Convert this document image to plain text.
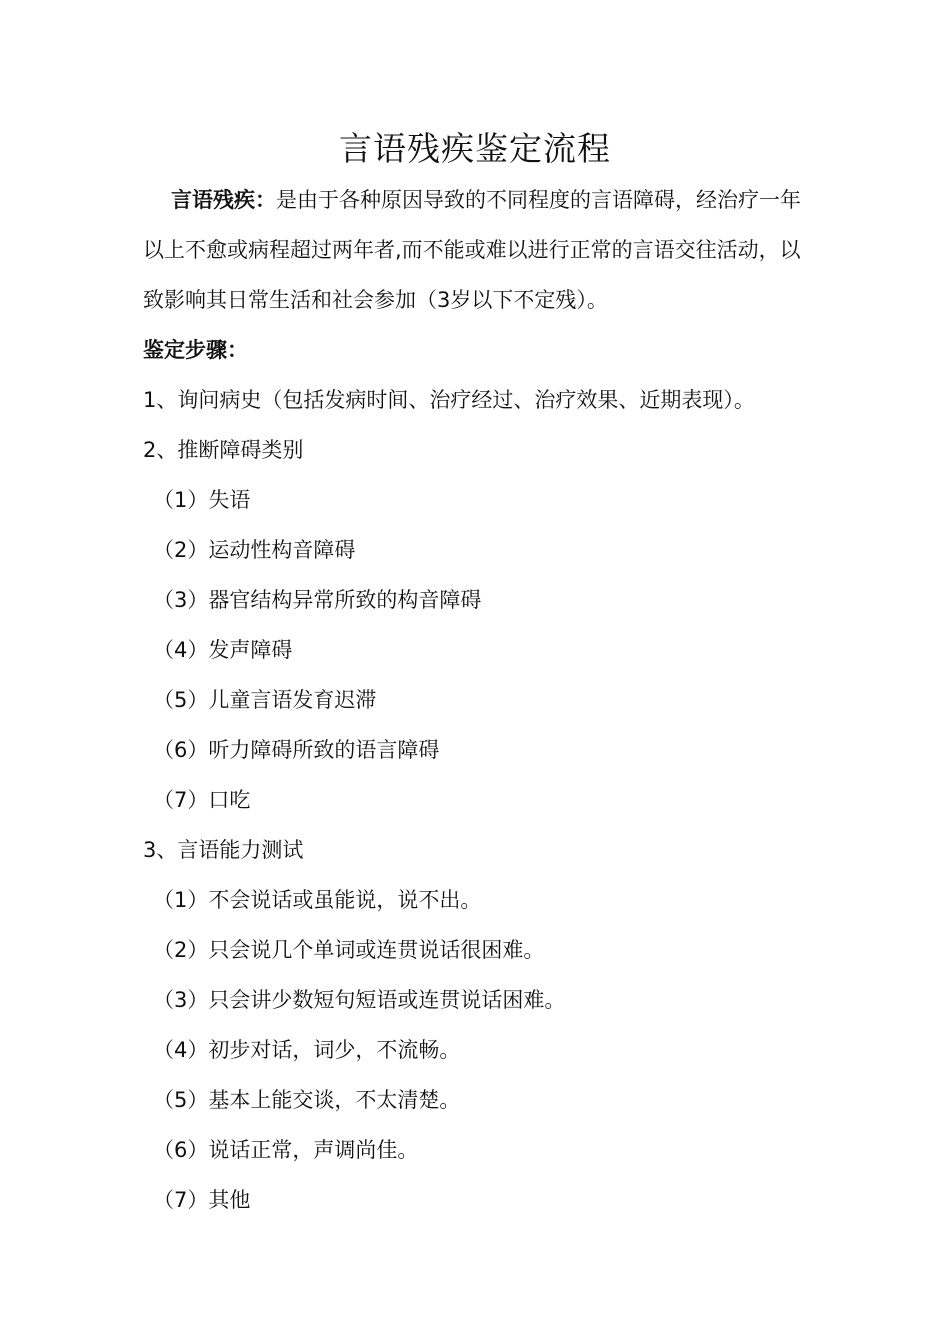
言语残疾鉴定流程

言语残疾：是由于各种原因导致的不同程度的言语障碍，经治疗一年以上不愈或病程超过两年者,而不能或难以进行正常的言语交往活动，以致影响其日常生活和社会参加（3岁以下不定残）。

鉴定步骤：
1、询问病史（包括发病时间、治疗经过、治疗效果、近期表现）。
2、推断障碍类别
（1）失语
（2）运动性构音障碍
（3）器官结构异常所致的构音障碍
（4）发声障碍
（5）儿童言语发育迟滞
（6）听力障碍所致的语言障碍
（7）口吃
3、言语能力测试
（1）不会说话或虽能说，说不出。
（2）只会说几个单词或连贯说话很困难。
（3）只会讲少数短句短语或连贯说话困难。
（4）初步对话，词少，不流畅。
（5）基本上能交谈，不太清楚。
（6）说话正常，声调尚佳。
（7）其他
